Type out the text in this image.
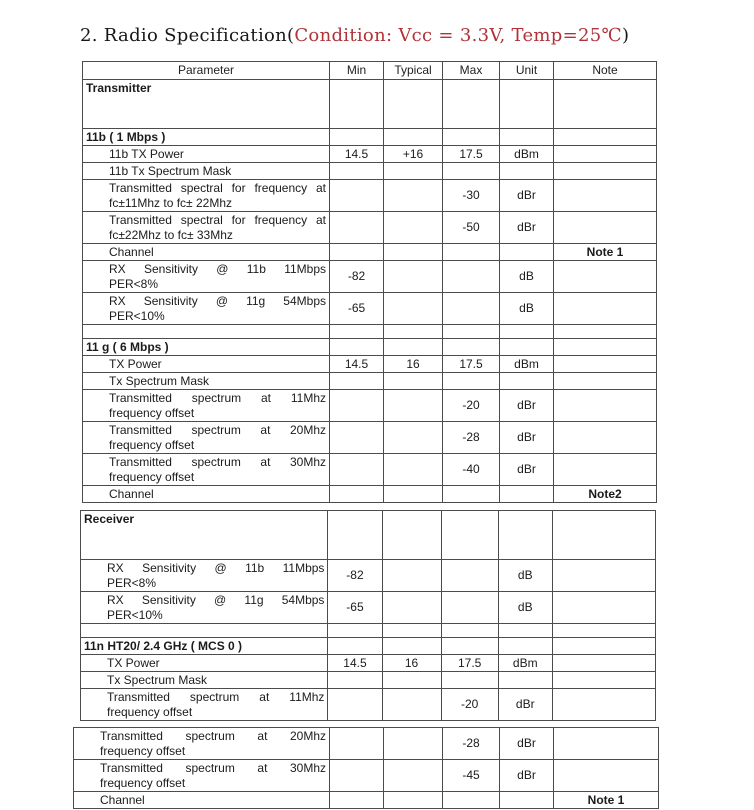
2. Radio Specification(Condition: Vcc = 3.3V, Temp=25℃)
Parameter	Min	Typical	Max	Unit	Note
Transmitter					
11b ( 1 Mbps )					
11b TX Power	14.5	+16	17.5	dBm	
11b Tx Spectrum Mask					

Transmitted spectral for frequency at
fc±11Mhz to fc± 22Mhz			-30	dBr	

Transmitted spectral for frequency at
fc±22Mhz to fc± 33Mhz			-50	dBr	
Channel					Note 1

RX Sensitivity @ 11b 11Mbps
PER<8%	-82			dB	

RX Sensitivity @ 11g 54Mbps
PER<10%	-65			dB	

11 g ( 6 Mbps )					
TX Power	14.5	16	17.5	dBm	
Tx Spectrum Mask					

Transmitted spectrum at 11Mhz
frequency offset			-20	dBr	

Transmitted spectrum at 20Mhz
frequency offset			-28	dBr	

Transmitted spectrum at 30Mhz
frequency offset			-40	dBr	
Channel					Note2
Receiver					

RX Sensitivity @ 11b 11Mbps
PER<8%	-82			dB	

RX Sensitivity @ 11g 54Mbps
PER<10%	-65			dB	

11n HT20/ 2.4 GHz ( MCS 0 )					
TX Power	14.5	16	17.5	dBm	
Tx Spectrum Mask					

Transmitted spectrum at 11Mhz
frequency offset			-20	dBr	
Transmitted spectrum at 20Mhz
frequency offset			-28	dBr	

Transmitted spectrum at 30Mhz
frequency offset			-45	dBr	
Channel					Note 1
